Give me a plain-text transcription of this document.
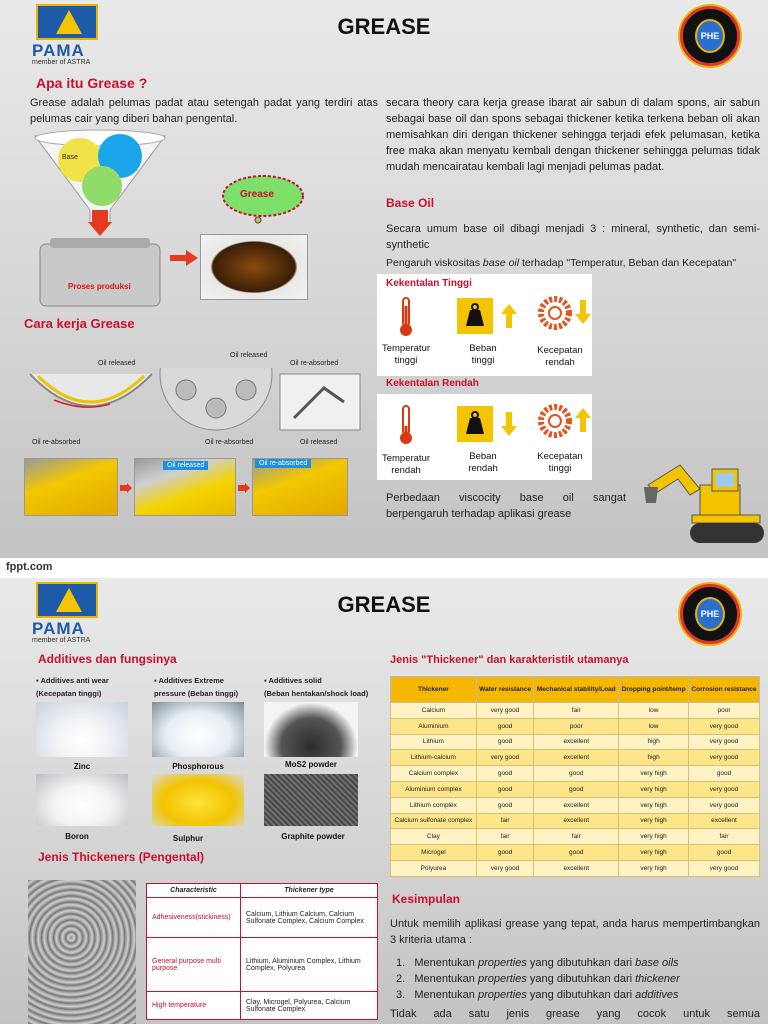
PAMA
member of ASTRA
GREASE	PHE
Apa itu Grease ?
Grease adalah pelumas padat atau setengah padat yang terdiri atas pelumas cair yang diberi bahan pengental.
Base
Proses produksi
Grease
Cara kerja Grease
Oil released
Oil released
Oil re-absorbed
Oil re-absorbed	Oil re-absorbed	Oil released
Oil released	Oil re-absorbed
secara theory cara kerja grease ibarat air sabun di dalam spons, air sabun sebagai base oil dan spons sebagai thickener ketika terkena beban oli akan memisahkan diri dengan thickener sehingga terjadi efek pelumasan, ketika free maka akan menyatu kembali dengan thickener sehingga pelumas tidak mudah mencairatau kembali lagi menjadi pelumas padat.
Base Oil
Secara umum base oil dibagi menjadi 3 : mineral, synthetic, dan semi-synthetic
Pengaruh viskositas base oil terhadap "Temperatur, Beban dan Kecepatan"
Kekentalan Tinggi
Temperatur tinggi
Beban tinggi
Kecepatan rendah
Kekentalan Rendah
Temperatur rendah
Beban rendah
Kecepatan tinggi
Perbedaan viscocity base oil sangat berpengaruh terhadap aplikasi grease
fppt.com
PAMA
member of ASTRA
GREASE	PHE
Additives dan fungsinya
▪ Additives anti wear
(Kecepatan tinggi)
▪ Additives Extreme
pressure (Beban tinggi)
▪ Additives solid
(Beban hentakan/shock load)
Zinc	Phosphorous	MoS2 powder
Boron	Sulphur	Graphite powder
Jenis Thickeners (Pengental)
Characteristic	Thickener type
Adhesiveness(stickiness)	Calcium, Lithium Calcium, Calcium Sulfonate Complex, Calcium Complex
General purpose multi purpose	Lithium, Aluminium Complex, Lithium Complex, Polyurea
High temperature	Clay, Microgel, Polyurea, Calcium Sulfonate Complex
Jenis "Thickener" dan karakteristik utamanya
Thickener	Water resistance	Mechanical stability/Load	Dropping point/temp	Corrosion resistance
Calcium	very good	fair	low	poor
Aluminium	good	poor	low	very good
Lithium	good	excellent	high	very good
Lithium-calcium	very good	excellent	high	very good
Calcium complex	good	good	very high	good
Aluminium complex	good	good	very high	very good
Lithium complex	good	excellent	very high	very good
Calcium sulfonate complex	fair	excellent	very high	excellent
Clay	fair	fair	very high	fair
Microgel	good	good	very high	good
Polyurea	very good	excellent	very high	very good
Kesimpulan
Untuk memilih aplikasi grease yang tepat, anda harus mempertimbangkan 3 kriteria utama :
1.   Menentukan properties yang dibutuhkan dari base oils
2.   Menentukan properties yang dibutuhkan dari thickener
3.   Menentukan properties yang dibutuhkan dari additives
Tidak ada satu jenis grease yang cocok untuk semua
